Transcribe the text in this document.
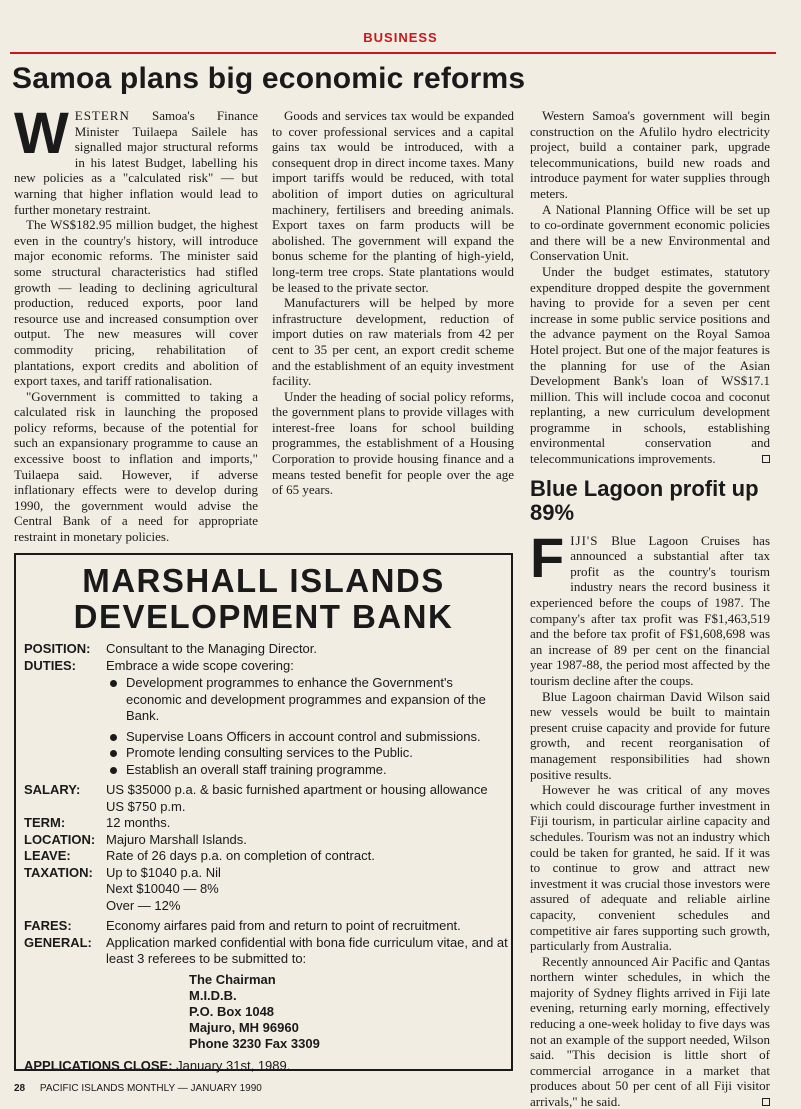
BUSINESS
Samoa plans big economic reforms

WESTERN Samoa's Finance Minister Tuilaepa Sailele has signalled major structural reforms in his latest Budget, labelling his new policies as a "calculated risk" — but warning that higher inflation would lead to further monetary restraint.

The WS$182.95 million budget, the highest even in the country's history, will introduce major economic reforms. The minister said some structural characteristics had stifled growth — leading to declining agricultural production, reduced exports, poor land resource use and increased consumption over output. The new measures will cover commodity pricing, rehabilitation of plantations, export credits and abolition of export taxes, and tariff rationalisation.

"Government is committed to taking a calculated risk in launching the proposed policy reforms, because of the potential for such an expansionary programme to cause an excessive boost to inflation and imports," Tuilaepa said. However, if adverse inflationary effects were to develop during 1990, the government would advise the Central Bank of a need for appropriate restraint in monetary policies.

Goods and services tax would be expanded to cover professional services and a capital gains tax would be introduced, with a consequent drop in direct income taxes. Many import tariffs would be reduced, with total abolition of import duties on agricultural machinery, fertilisers and breeding animals. Export taxes on farm products will be abolished. The government will expand the bonus scheme for the planting of high-yield, long-term tree crops. State plantations would be leased to the private sector.

Manufacturers will be helped by more infrastructure development, reduction of import duties on raw materials from 42 per cent to 35 per cent, an export credit scheme and the establishment of an equity investment facility.

Under the heading of social policy reforms, the government plans to provide villages with interest-free loans for school building programmes, the establishment of a Housing Corporation to provide housing finance and a means tested benefit for people over the age of 65 years.

Western Samoa's government will begin construction on the Afulilo hydro electricity project, build a container park, upgrade telecommunications, build new roads and introduce payment for water supplies through meters.

A National Planning Office will be set up to co-ordinate government economic policies and there will be a new Environmental and Conservation Unit.

Under the budget estimates, statutory expenditure dropped despite the government having to provide for a seven per cent increase in some public service positions and the advance payment on the Royal Samoa Hotel project. But one of the major features is the planning for use of the Asian Development Bank's loan of WS$17.1 million. This will include cocoa and coconut replanting, a new curriculum development programme in schools, establishing environmental conservation and telecommunications improvements.

Blue Lagoon profit up 89%

FIJI'S Blue Lagoon Cruises has announced a substantial after tax profit as the country's tourism industry nears the record business it experienced before the coups of 1987. The company's after tax profit was F$1,463,519 and the before tax profit of F$1,608,698 was an increase of 89 per cent on the financial year 1987-88, the period most affected by the tourism decline after the coups.

Blue Lagoon chairman David Wilson said new vessels would be built to maintain present cruise capacity and provide for future growth, and recent reorganisation of management responsibilities had shown positive results.

However he was critical of any moves which could discourage further investment in Fiji tourism, in particular airline capacity and schedules. Tourism was not an industry which could be taken for granted, he said. If it was to continue to grow and attract new investment it was crucial those investors were assured of adequate and reliable airline capacity, convenient schedules and competitive air fares supporting such growth, particularly from Australia.

Recently announced Air Pacific and Qantas northern winter schedules, in which the majority of Sydney flights arrived in Fiji late evening, returning early morning, effectively reducing a one-week holiday to five days was not an example of the support needed, Wilson said. "This decision is little short of commercial arrogance in a market that produces about 50 per cent of all Fiji visitor arrivals," he said.

MARSHALL ISLANDS
DEVELOPMENT BANK
POSITION:	Consultant to the Managing Director.
DUTIES:	Embrace a wide scope covering:
Development programmes to enhance the Government's economic and development programmes and expansion of the Bank.
Supervise Loans Officers in account control and submissions.
Promote lending consulting services to the Public.
Establish an overall staff training programme.
SALARY:	US $35000 p.a. & basic furnished apartment or housing allowance
US $750 p.m.
TERM:	12 months.
LOCATION: Majuro Marshall Islands.
LEAVE:	Rate of 26 days p.a. on completion of contract.
TAXATION:	Up to $1040 p.a. Nil
Next $10040 — 8%
Over — 12%
FARES:	Economy airfares paid from and return to point of recruitment.
GENERAL:	Application marked confidential with bona fide curriculum vitae, and at least 3 referees to be submitted to:
The Chairman
M.I.D.B.
P.O. Box 1048
Majuro, MH 96960
Phone 3230 Fax 3309
APPLICATIONS CLOSE: January 31st, 1989.
28 PACIFIC ISLANDS MONTHLY — JANUARY 1990
